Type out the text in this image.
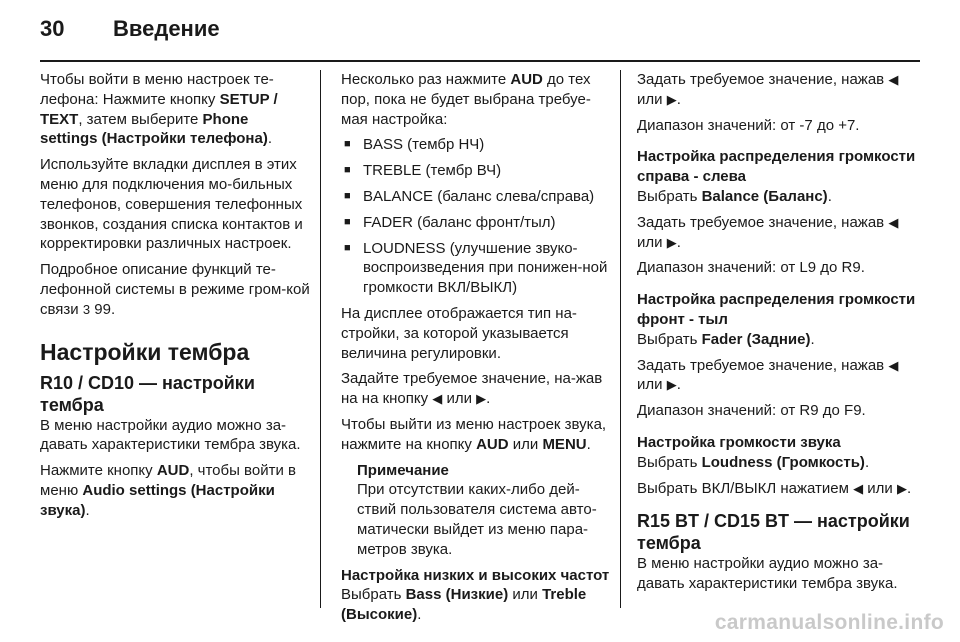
30 Введение

Чтобы войти в меню настроек те-лефона: Нажмите кнопку SETUP / TEXT, затем выберите Phone settings (Настройки телефона).

Используйте вкладки дисплея в этих меню для подключения мо-бильных телефонов, совершения телефонных звонков, создания списка контактов и корректировки различных настроек.

Подробное описание функций те-лефонной системы в режиме гром-кой связи 3 99.

Настройки тембра
R10 / CD10 — настройки тембра

В меню настройки аудио можно за-давать характеристики тембра звука.

Нажмите кнопку AUD, чтобы войти в меню Audio settings (Настройки звука).

Несколько раз нажмите AUD до тех пор, пока не будет выбрана требуе-мая настройка:

■ BASS (тембр НЧ)
■ TREBLE (тембр ВЧ)
■ BALANCE (баланс слева/справа)
■ FADER (баланс фронт/тыл)
■ LOUDNESS (улучшение звуко-воспроизведения при понижен-ной громкости ВКЛ/ВЫКЛ)

На дисплее отображается тип на-стройки, за которой указывается величина регулировки.

Задайте требуемое значение, на-жав на на кнопку ◀ или ▶.

Чтобы выйти из меню настроек звука, нажмите на кнопку AUD или MENU.

Примечание
При отсутствии каких-либо дей-ствий пользователя система авто-матически выйдет из меню пара-метров звука.
Настройка низких и высоких частот

Выбрать Bass (Низкие) или Treble (Высокие).

Задать требуемое значение, нажав ◀ или ▶.

Диапазон значений: от -7 до +7.

Настройка распределения громкости справа - слева

Выбрать Balance (Баланс).

Задать требуемое значение, нажав ◀ или ▶.

Диапазон значений: от L9 до R9.

Настройка распределения громкости фронт - тыл

Выбрать Fader (Задние).

Задать требуемое значение, нажав ◀ или ▶.

Диапазон значений: от R9 до F9.

Настройка громкости звука

Выбрать Loudness (Громкость).

Выбрать ВКЛ/ВЫКЛ нажатием ◀ или ▶.

R15 BT / CD15 BT — настройки тембра

В меню настройки аудио можно за-давать характеристики тембра звука.

carmanualsonline.info
